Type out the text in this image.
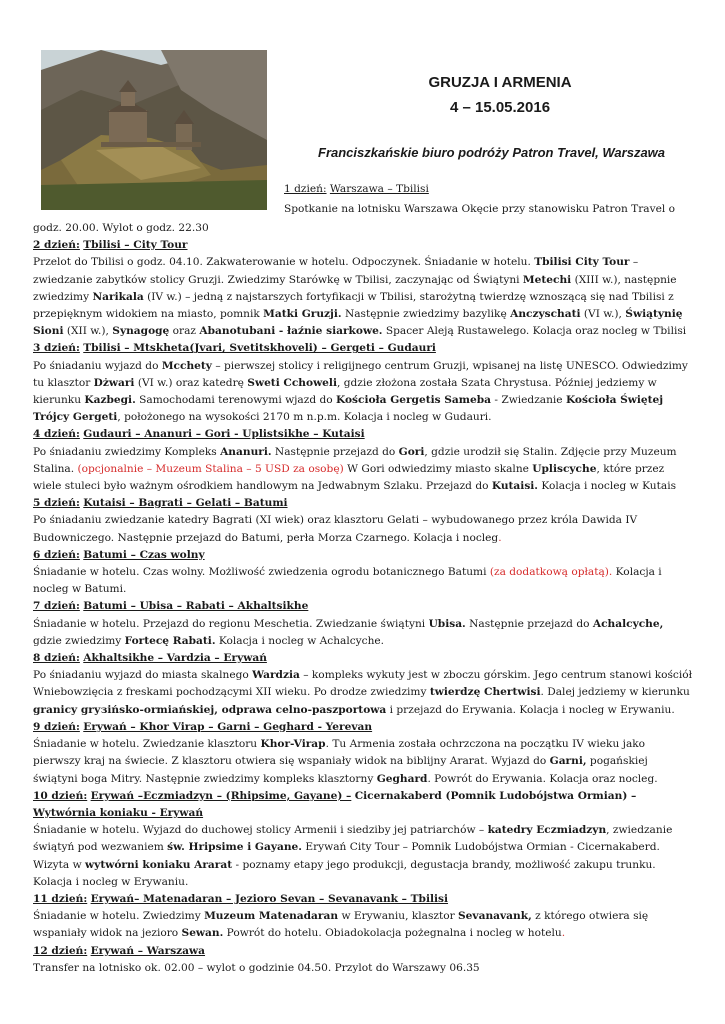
GRUZJA I ARMENIA
4 – 15.05.2016
Franciszkańskie biuro podróży Patron Travel, Warszawa
1 dzień: Warszawa – Tbilisi
Spotkanie na lotnisku Warszawa Okęcie przy stanowisku Patron Travel o

godz. 20.00. Wylot o godz. 22.30

2 dzień: Tbilisi – City Tour

Przelot do Tbilisi o godz. 04.10. Zakwaterowanie w hotelu. Odpoczynek. Śniadanie w hotelu. Tbilisi City Tour – zwiedzanie zabytków stolicy Gruzji. Zwiedzimy Starówkę w Tbilisi, zaczynając od Świątyni Metechi (XIII w.), następnie zwiedzimy Narikala (IV w.) – jedną z najstarszych fortyfikacji w Tbilisi, starożytną twierdzę wznoszącą się nad Tbilisi z przepięknym widokiem na miasto, pomnik Matki Gruzji. Następnie zwiedzimy bazylikę Anczyschati (VI w.), Świątynię Sioni (XII w.), Synagogę oraz Abanotubani - łaźnie siarkowe. Spacer Aleją Rustawelego. Kolacja oraz nocleg w Tbilisi

3 dzień: Tbilisi – Mtskheta(Jvari, Svetitskhoveli) – Gergeti – Gudauri

Po śniadaniu wyjazd do Mcchety – pierwszej stolicy i religijnego centrum Gruzji, wpisanej na listę UNESCO. Odwiedzimy tu klasztor Dżwari (VI w.) oraz katedrę Sweti Cchoweli, gdzie złożona została Szata Chrystusa. Później jedziemy w kierunku Kazbegi. Samochodami terenowymi wjazd do Kościoła Gergetis Sameba - Zwiedzanie Kościoła Świętej Trójcy Gergeti, położonego na wysokości 2170 m n.p.m. Kolacja i nocleg w Gudauri.

4 dzień: Gudauri – Ananuri – Gori - Uplistsikhe – Kutaisi

Po śniadaniu zwiedzimy Kompleks Ananuri. Następnie przejazd do Gori, gdzie urodził się Stalin. Zdjęcie przy Muzeum Stalina. (opcjonalnie – Muzeum Stalina – 5 USD za osobę) W Gori odwiedzimy miasto skalne Upliscyche, które przez wiele stuleci było ważnym ośrodkiem handlowym na Jedwabnym Szlaku. Przejazd do Kutaisi. Kolacja i nocleg w Kutais

5 dzień: Kutaisi – Bagrati – Gelati – Batumi

Po śniadaniu zwiedzanie katedry Bagrati (XI wiek) oraz klasztoru Gelati – wybudowanego przez króla Dawida IV Budowniczego. Następnie przejazd do Batumi, perła Morza Czarnego. Kolacja i nocleg.

6 dzień: Batumi – Czas wolny

Śniadanie w hotelu. Czas wolny. Możliwość zwiedzenia ogrodu botanicznego Batumi (za dodatkową opłatą). Kolacja i nocleg w Batumi.

7 dzień: Batumi – Ubisa – Rabati – Akhaltsikhe

Śniadanie w hotelu. Przejazd do regionu Meschetia. Zwiedzanie świątyni Ubisa. Następnie przejazd do Achalcyche, gdzie zwiedzimy Fortecę Rabati. Kolacja i nocleg w Achalcyche.

8 dzień: Akhaltsikhe – Vardzia – Erywań

Po śniadaniu wyjazd do miasta skalnego Wardzia – kompleks wykuty jest w zboczu górskim. Jego centrum stanowi kościół Wniebowzięcia z freskami pochodzącymi XII wieku. Po drodze zwiedzimy twierdzę Chertwisi. Dalej jedziemy w kierunku granicy grузińsko-ormiańskiej, odprawa celno-paszportowa i przejazd do Erywania. Kolacja i nocleg w Erywaniu.

9 dzień: Erywań – Khor Virap – Garni – Geghard - Yerevan

Śniadanie w hotelu. Zwiedzanie klasztoru Khor-Virap. Tu Armenia została ochrzczona na początku IV wieku jako pierwszy kraj na świecie. Z klasztoru otwiera się wspaniały widok na biblijny Ararat. Wyjazd do Garni, pogańskiej świątyni boga Mitry. Następnie zwiedzimy kompleks klasztorny Geghard. Powrót do Erywania. Kolacja oraz nocleg.

10 dzień: Erywań –Eczmiadzyn – (Rhipsime, Gayane) – Cicernakaberd (Pomnik Ludobójstwa Ormian) – Wytwórnia koniaku - Erywań

Śniadanie w hotelu. Wyjazd do duchowej stolicy Armenii i siedziby jej patriarchów – katedry Eczmiadzyn, zwiedzanie świątyń pod wezwaniem św. Hripsime i Gayane. Erywań City Tour – Pomnik Ludobójstwa Ormian - Cicernakaberd. Wizyta w wytwórni koniaku Ararat - poznamy etapy jego produkcji, degustacja brandy, możliwość zakupu trunku. Kolacja i nocleg w Erywaniu.

11 dzień: Erywań– Matenadaran – Jezioro Sevan – Sevanavank – Tbilisi

Śniadanie w hotelu. Zwiedzimy Muzeum Matenadaran w Erywaniu, klasztor Sevanavank, z którego otwiera się wspaniały widok na jezioro Sewan. Powrót do hotelu. Obiadokolacja pożegnalna i nocleg w hotelu.

12 dzień: Erywań – Warszawa

Transfer na lotnisko ok. 02.00 – wylot o godzinie 04.50. Przylot do Warszawy 06.35
